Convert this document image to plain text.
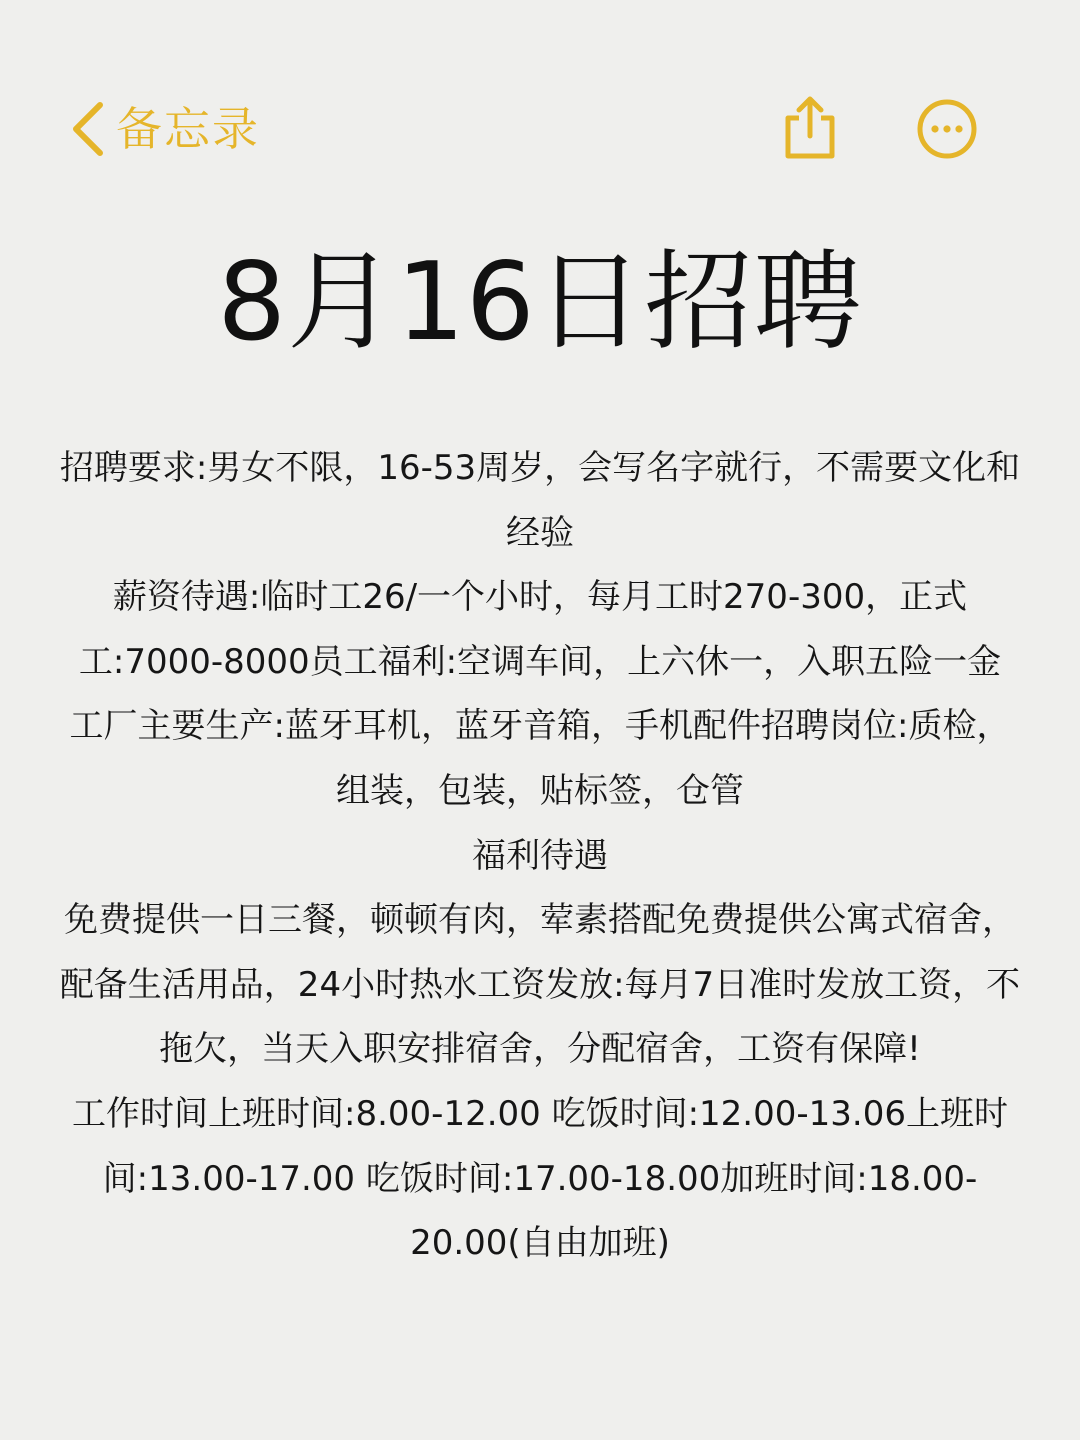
备忘录
8月16日招聘

招聘要求:男女不限，16-53周岁，会写名字就行，不需要文化和经验

薪资待遇:临时工26/一个小时，每月工时270-300，正式工:7000-8000员工福利:空调车间，上六休一，入职五险一金

工厂主要生产:蓝牙耳机，蓝牙音箱，手机配件招聘岗位:质检，组装，包装，贴标签，仓管

福利待遇

免费提供一日三餐，顿顿有肉，荤素搭配免费提供公寓式宿舍，配备生活用品，24小时热水工资发放:每月7日准时发放工资，不拖欠，当天入职安排宿舍，分配宿舍，工资有保障!

工作时间上班时间:8.00-12.00 吃饭时间:12.00-13.06上班时间:13.00-17.00 吃饭时间:17.00-18.00加班时间:18.00-20.00(自由加班)
